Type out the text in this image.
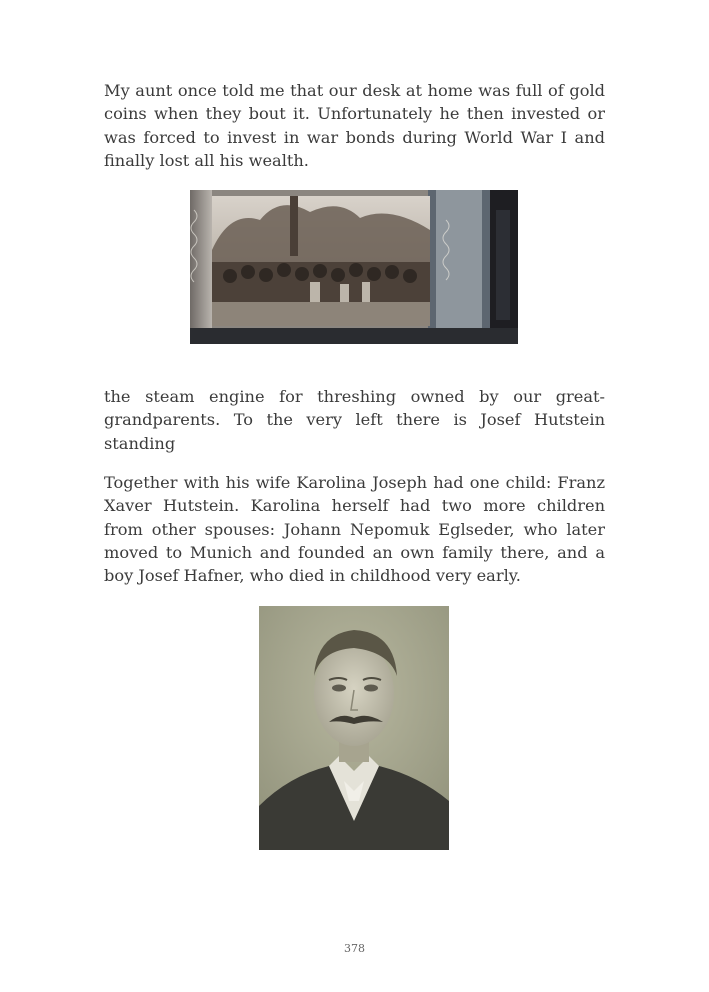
My aunt once told me that our desk at home was full of gold coins when they bout it. Unfortunately he then invested or was forced to invest in war bonds during World War I and finally lost all his wealth.

the steam engine for threshing owned by our great-grandparents. To the very left there is Josef Hutstein standing

Together with his wife Karolina Joseph had one child: Franz Xaver Hutstein. Karolina herself had two more children from other spouses: Johann Nepomuk Eglseder, who later moved to Munich and founded an own family there, and a boy Josef Hafner, who died in childhood very early.

378
